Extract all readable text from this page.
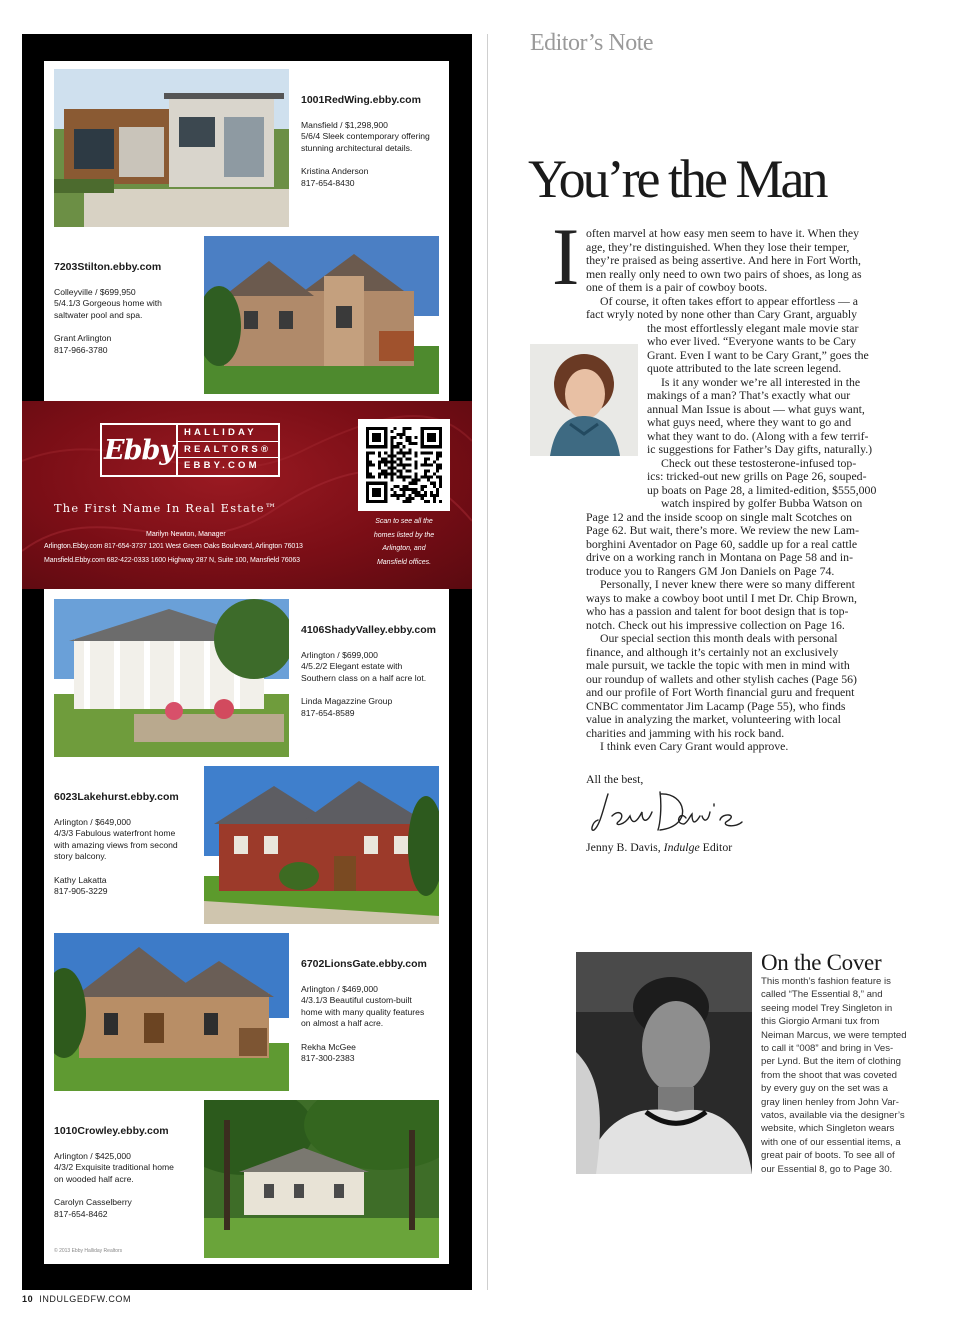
1001RedWing.ebby.com
Mansfield / $1,298,900
5/6/4 Sleek contemporary offering
stunning architectural details.
Kristina Anderson
817-654-8430
7203Stilton.ebby.com
Colleyville / $699,950
5/4.1/3 Gorgeous home with
saltwater pool and spa.
Grant Arlington
817-966-3780
4106ShadyValley.ebby.com
Arlington / $699,000
4/5.2/2 Elegant estate with
Southern class on a half acre lot.
Linda Magazzine Group
817-654-8589
6023Lakehurst.ebby.com
Arlington / $649,000
4/3/3 Fabulous waterfront home
with amazing views from second
story balcony.
Kathy Lakatta
817-905-3229
6702LionsGate.ebby.com
Arlington / $469,000
4/3.1/3 Beautiful custom-built
home with many quality features
on almost a half acre.
Rekha McGee
817-300-2383
1010Crowley.ebby.com
Arlington / $425,000
4/3/2 Exquisite traditional home
on wooded half acre.
Carolyn Casselberry
817-654-8462
© 2013 Ebby Halliday Realtors
Ebby
HALLIDAY
REALTORS®
EBBY.COM
The First Name In Real Estate™
Marilyn Newton, Manager
Arlington.Ebby.com 817-654-3737 1201 West Green Oaks Boulevard, Arlington 76013
Mansfield.Ebby.com 682-422-0333 1600 Highway 287 N, Suite 100, Mansfield 76063
Scan to see all the
homes listed by the
Arlington, and
Mansfield offices.
10 INDULGEDFW.COM
Editor’s Note
You’re the Man
I often marvel at how easy men seem to have it. When they
age, they’re distinguished. When they lose their temper,
they’re praised as being assertive. And here in Fort Worth,
men really only need to own two pairs of shoes, as long as
one of them is a pair of cowboy boots.
Of course, it often takes effort to appear effortless — a
fact wryly noted by none other than Cary Grant, arguably
the most effortlessly elegant male movie star
who ever lived. “Everyone wants to be Cary
Grant. Even I want to be Cary Grant,” goes the
quote attributed to the late screen legend.
Is it any wonder we’re all interested in the
makings of a man? That’s exactly what our
annual Man Issue is about — what guys want,
what guys need, where they want to go and
what they want to do. (Along with a few terrif-
ic suggestions for Father’s Day gifts, naturally.)
Check out these testosterone-infused top-
ics: tricked-out new grills on Page 26, souped-
up boats on Page 28, a limited-edition, $555,000
watch inspired by golfer Bubba Watson on
Page 12 and the inside scoop on single malt Scotches on
Page 62. But wait, there’s more. We review the new Lam-
borghini Aventador on Page 60, saddle up for a real cattle
drive on a working ranch in Montana on Page 58 and in-
troduce you to Rangers GM Jon Daniels on Page 74.
Personally, I never knew there were so many different
ways to make a cowboy boot until I met Dr. Chip Brown,
who has a passion and talent for boot design that is top-
notch. Check out his impressive collection on Page 16.
Our special section this month deals with personal
finance, and although it’s certainly not an exclusively
male pursuit, we tackle the topic with men in mind with
our roundup of wallets and other stylish caches (Page 56)
and our profile of Fort Worth financial guru and frequent
CNBC commentator Jim Lacamp (Page 55), who finds
value in analyzing the market, volunteering with local
charities and jamming with his rock band.
I think even Cary Grant would approve.
All the best,
Jenny B. Davis, Indulge Editor
On the Cover
This month’s fashion feature is
called “The Essential 8,” and
seeing model Trey Singleton in
this Giorgio Armani tux from
Neiman Marcus, we were tempted
to call it “008” and bring in Ves-
per Lynd. But the item of clothing
from the shoot that was coveted
by every guy on the set was a
gray linen henley from John Var-
vatos, available via the designer’s
website, which Singleton wears
with one of our essential items, a
great pair of boots. To see all of
our Essential 8, go to Page 30.
